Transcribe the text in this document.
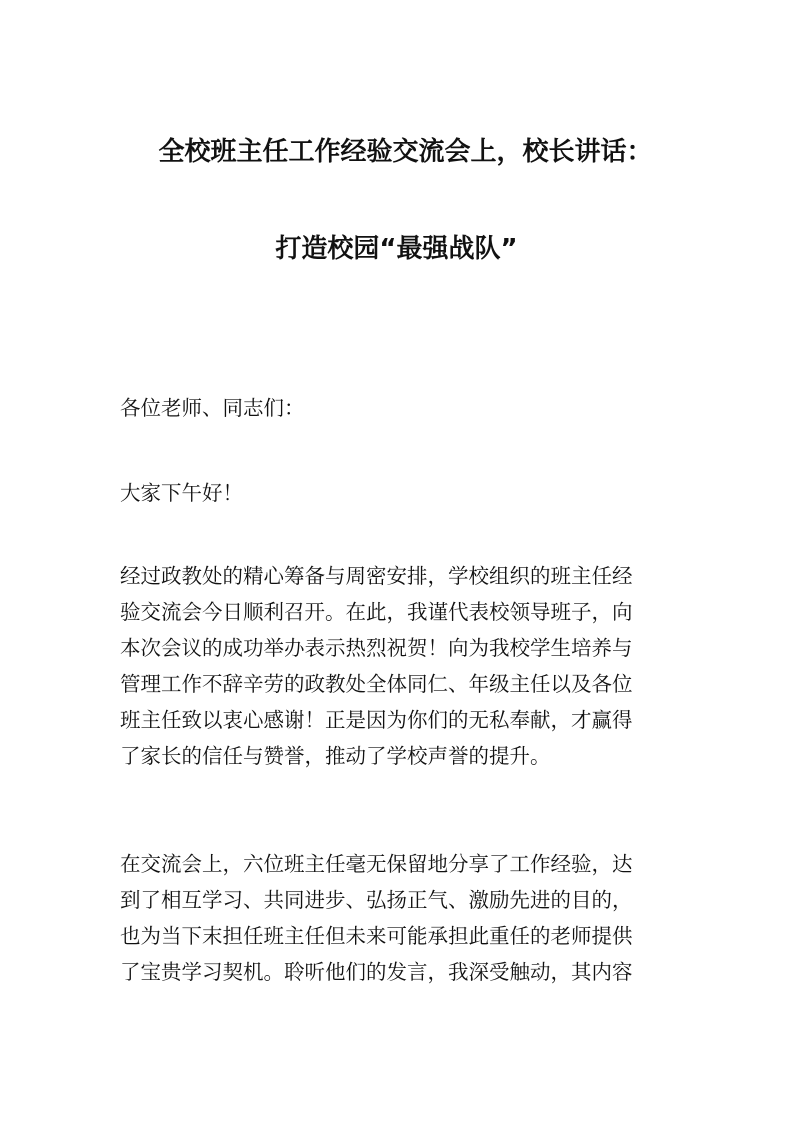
全校班主任工作经验交流会上，校长讲话：
打造校园“最强战队”
各位老师、同志们：
大家下午好！
经过政教处的精心筹备与周密安排，学校组织的班主任经
验交流会今日顺利召开。在此，我谨代表校领导班子，向
本次会议的成功举办表示热烈祝贺！向为我校学生培养与
管理工作不辞辛劳的政教处全体同仁、年级主任以及各位
班主任致以衷心感谢！正是因为你们的无私奉献，才赢得
了家长的信任与赞誉，推动了学校声誉的提升。
在交流会上，六位班主任毫无保留地分享了工作经验，达
到了相互学习、共同进步、弘扬正气、激励先进的目的，
也为当下末担任班主任但未来可能承担此重任的老师提供
了宝贵学习契机。聆听他们的发言，我深受触动，其内容
